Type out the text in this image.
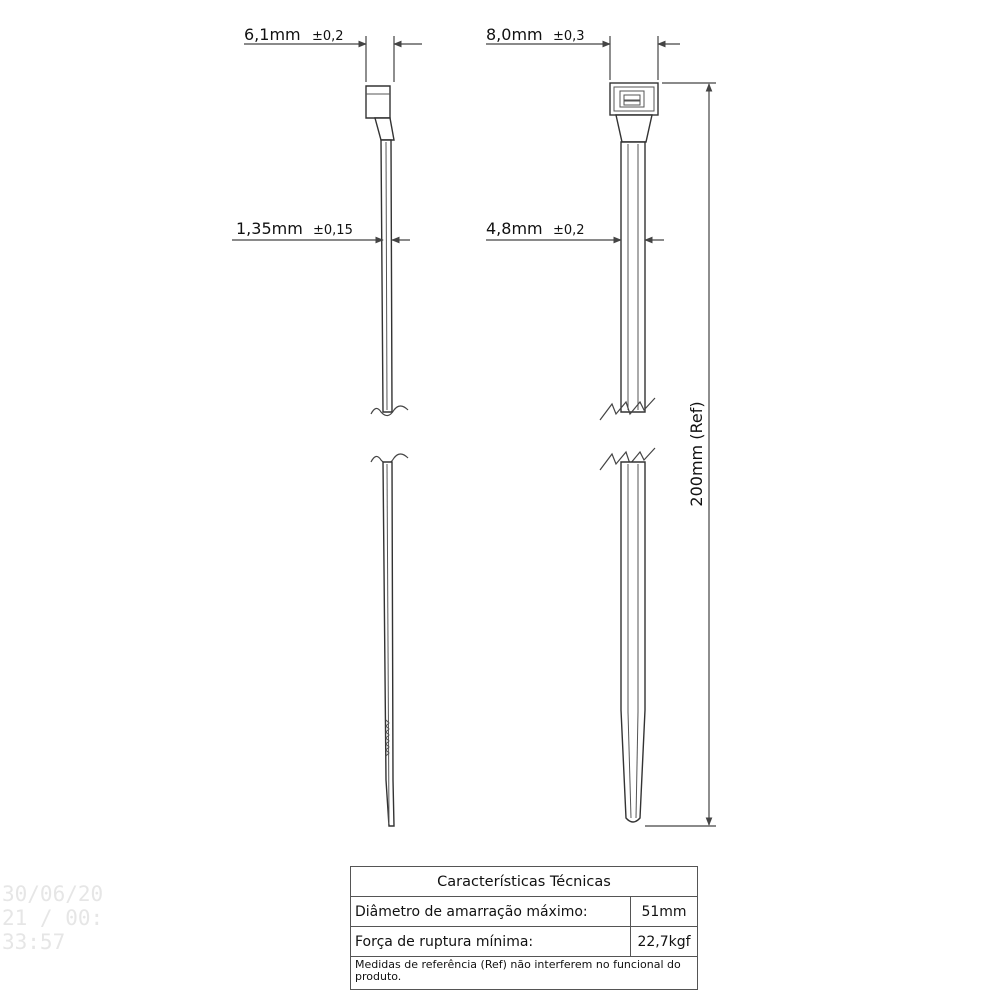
6,1mm ±0,2
1,35mm ±0,15
8,0mm ±0,3
4,8mm ±0,2
200mm (Ref)
Características Técnicas	
Diâmetro de amarração máximo:	51mm
Força de ruptura mínima:	22,7kgf
Medidas de referência (Ref) não interferem no funcional do produto.	
30/06/2021 / 00:33:57
